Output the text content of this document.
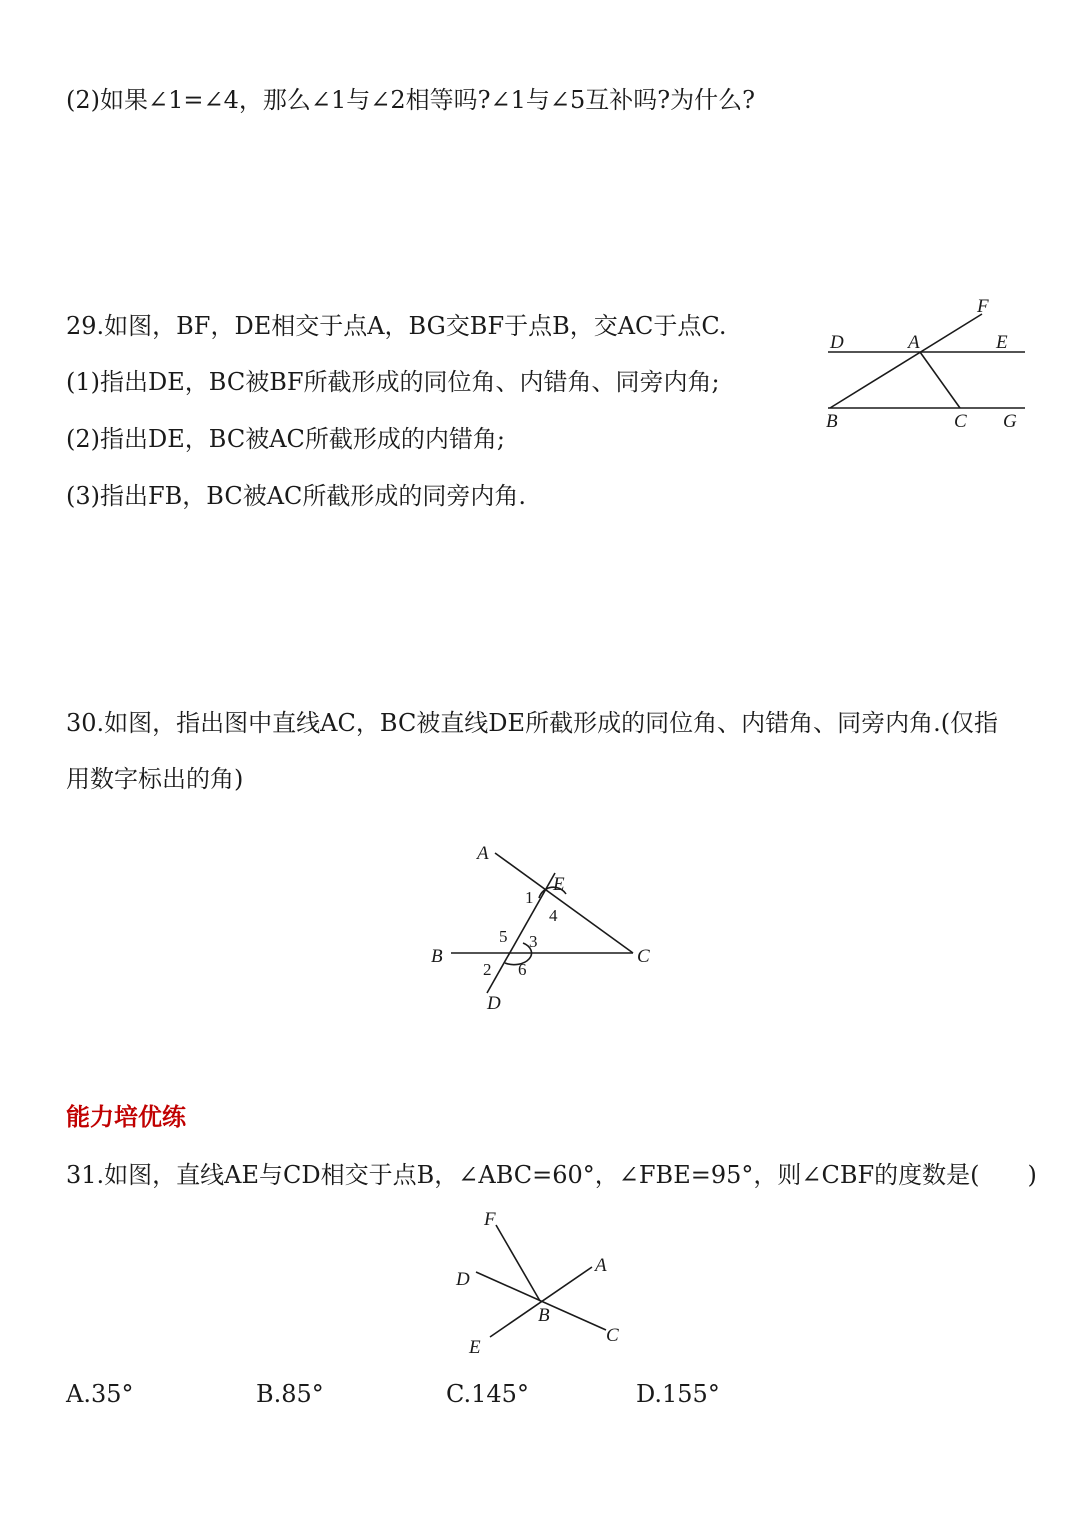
(2)如果∠1=∠4，那么∠1与∠2相等吗?∠1与∠5互补吗?为什么?
29.如图，BF，DE相交于点A，BG交BF于点B，交AC于点C.
(1)指出DE，BC被BF所截形成的同位角、内错角、同旁内角;
(2)指出DE，BC被AC所截形成的内错角;
(3)指出FB，BC被AC所截形成的同旁内角.
D	A	E
F
B	C G
30.如图，指出图中直线AC，BC被直线DE所截形成的同位角、内错角、同旁内角.(仅指
用数字标出的角)
A
E
B	C
D
1
4
5 3
2 6
能力培优练
31.如图，直线AE与CD相交于点B，∠ABC=60°，∠FBE=95°，则∠CBF的度数是(　　)
F
D
A
B
C
E
A.35°	B.85°	C.145°	D.155°
